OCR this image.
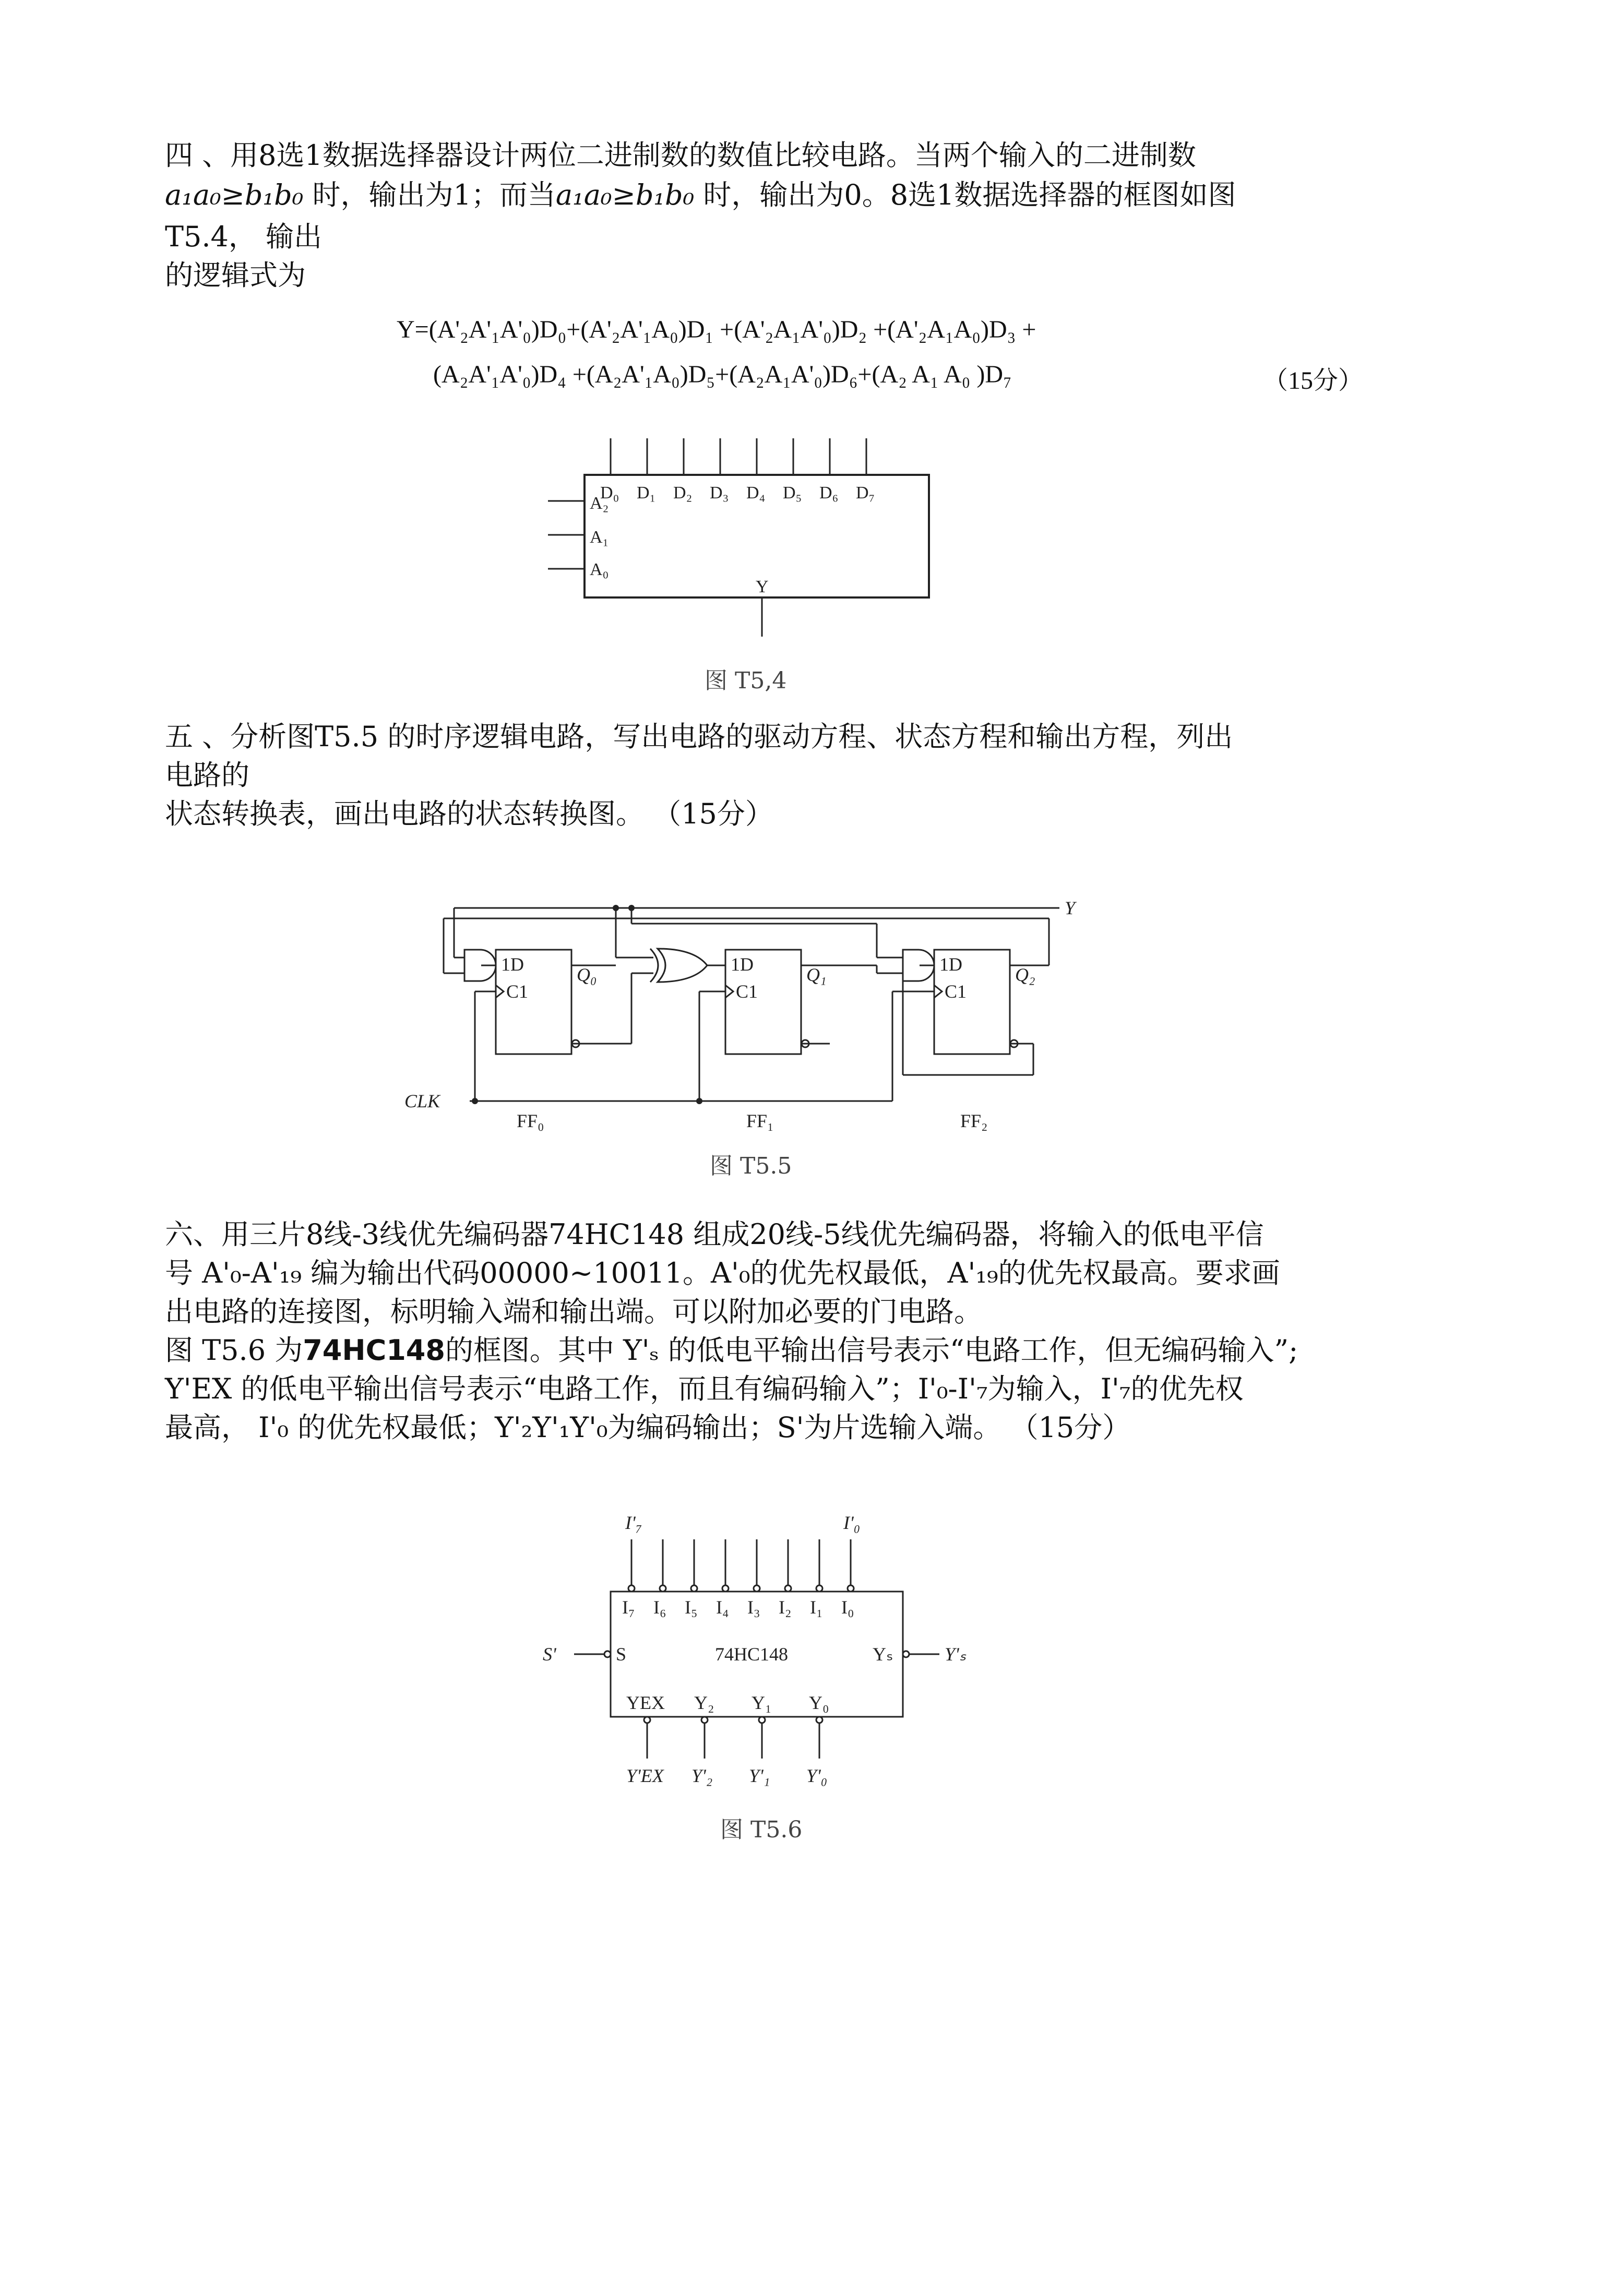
四 、用8选1数据选择器设计两位二进制数的数值比较电路。当两个输入的二进制数
a₁a₀≥b₁b₀ 时，输出为1；而当a₁a₀≥b₁b₀ 时，输出为0。8选1数据选择器的框图如图
T5.4， 输出
的逻辑式为
Y=(A'₂A'₁A'₀)D₀+(A'₂A'₁A₀)D₁ +(A'₂A₁A'₀)D₂ +(A'₂A₁A₀)D₃ +
(A₂A'₁A'₀)D₄ +(A₂A'₁A₀)D₅+(A₂A₁A'₀)D₆+(A₂ A₁ A₀ )D₇	（15分）
D₀ D₁ D₂ D₃ D₄ D₅ D₆ D₇
A₂
A₁
A₀
Y
图 T5,4
五 、分析图T5.5 的时序逻辑电路，写出电路的驱动方程、状态方程和输出方程，列出
电路的
状态转换表，画出电路的状态转换图。 （15分）
Y
1D	1D	1D
C1	C1	C1
Q₀	Q₁	Q₂
CLK
FF₀	FF₁	FF₂
图 T5.5
六、用三片8线-3线优先编码器74HC148 组成20线-5线优先编码器，将输入的低电平信
号 A'₀-A'₁₉ 编为输出代码00000~10011。A'₀的优先权最低，A'₁₉的优先权最高。要求画
出电路的连接图，标明输入端和输出端。可以附加必要的门电路。
图 T5.6 为74HC148的框图。其中 Y'ₛ 的低电平输出信号表示“电路工作，但无编码输入”;
Y'EX 的低电平输出信号表示“电路工作，而且有编码输入”；I'₀-I'₇为输入，I'₇的优先权
最高， I'₀ 的优先权最低；Y'₂Y'₁Y'₀为编码输出；S'为片选输入端。 （15分）
I'₇	I'₀
I₇ I₆ I₅ I₄ I₃ I₂ I₁ I₀
74HC148
S
S'	Yₛ	Y'ₛ
YEX Y₂ Y₁ Y₀
Y'EX Y'₂ Y'₁ Y'₀
图 T5.6
